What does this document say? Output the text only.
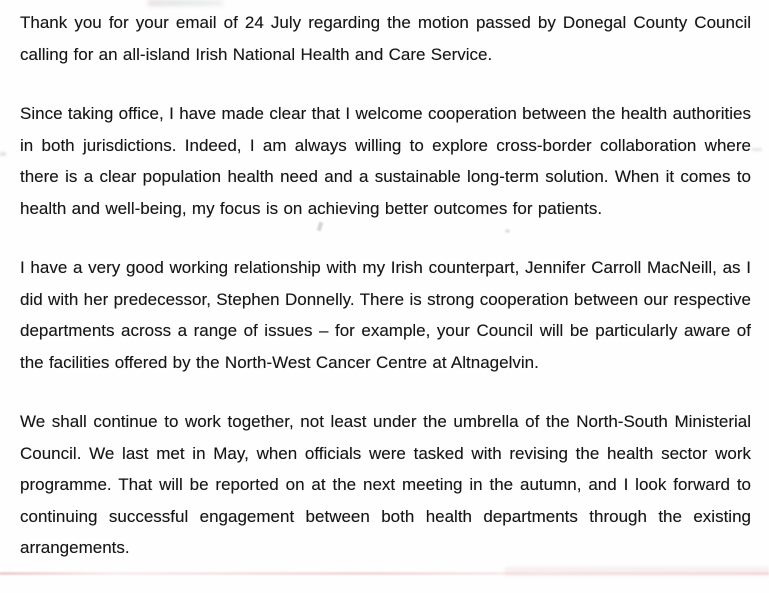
Thank you for your email of 24 July regarding the motion passed by Donegal County Council calling for an all-island Irish National Health and Care Service.

Since taking office, I have made clear that I welcome cooperation between the health authorities in both jurisdictions. Indeed, I am always willing to explore cross-border collaboration where there is a clear population health need and a sustainable long-term solution. When it comes to health and well-being, my focus is on achieving better outcomes for patients.

I have a very good working relationship with my Irish counterpart, Jennifer Carroll MacNeill, as I did with her predecessor, Stephen Donnelly. There is strong cooperation between our respective departments across a range of issues – for example, your Council will be particularly aware of the facilities offered by the North-West Cancer Centre at Altnagelvin.

We shall continue to work together, not least under the umbrella of the North-South Ministerial Council. We last met in May, when officials were tasked with revising the health sector work programme. That will be reported on at the next meeting in the autumn, and I look forward to continuing successful engagement between both health departments through the existing arrangements.
